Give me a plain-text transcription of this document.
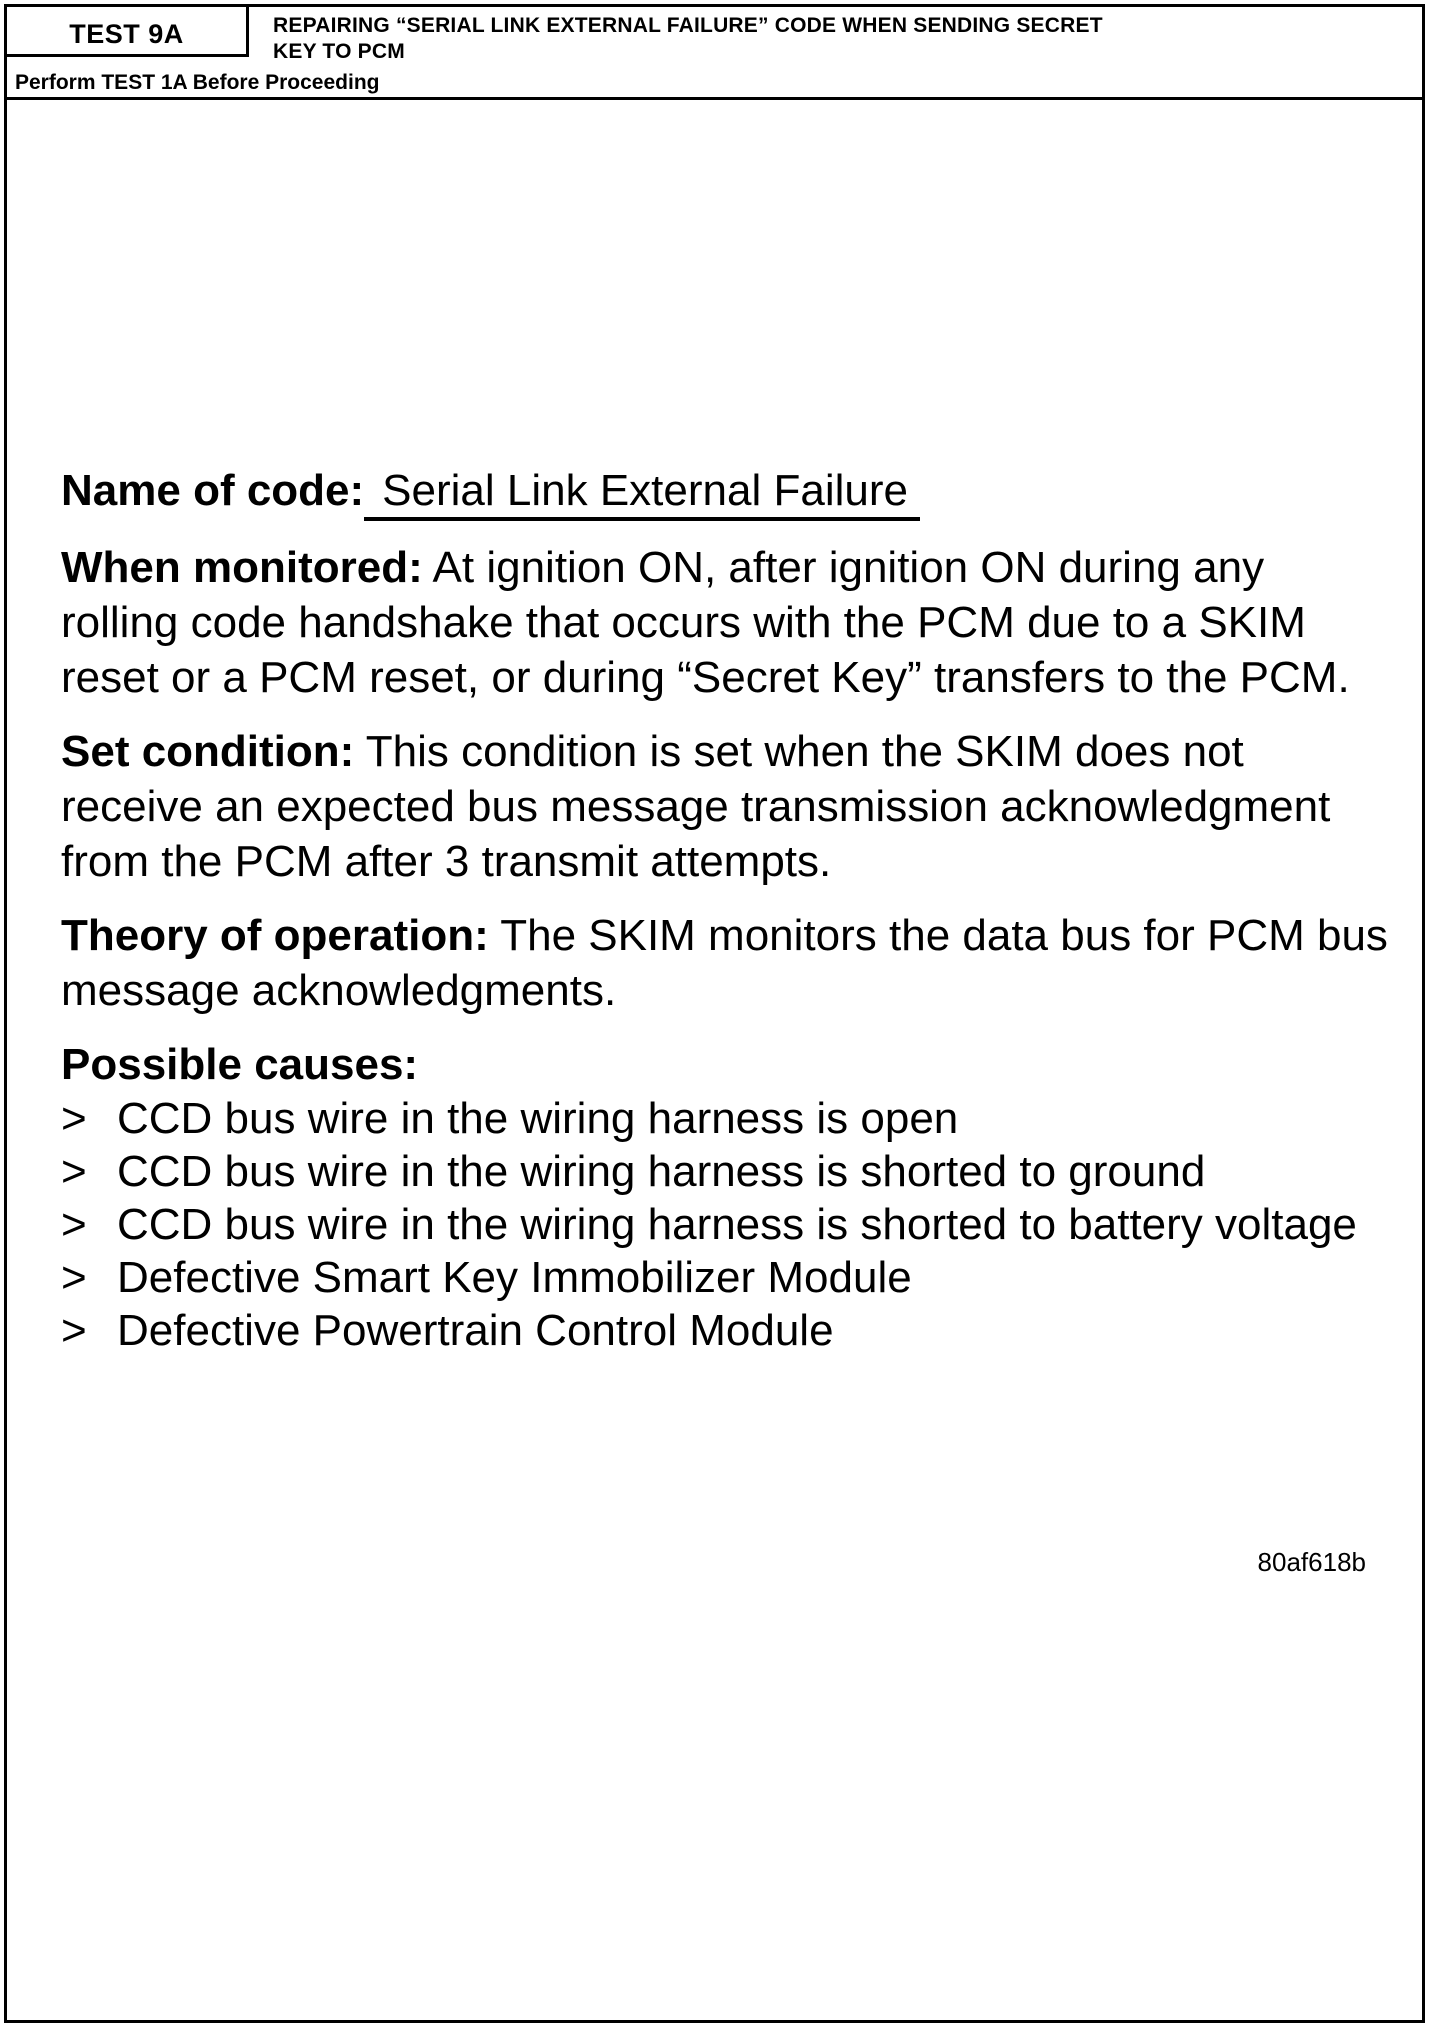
TEST 9A	REPAIRING “SERIAL LINK EXTERNAL FAILURE” CODE WHEN SENDING SECRET
KEY TO PCM
Perform TEST 1A Before Proceeding

Name of code: Serial Link External Failure

When monitored: At ignition ON, after ignition ON during any rolling code handshake that occurs with the PCM due to a SKIM reset or a PCM reset, or during “Secret Key” transfers to the PCM.

Set condition: This condition is set when the SKIM does not receive an expected bus message transmission acknowledgment from the PCM after 3 transmit attempts.

Theory of operation: The SKIM monitors the data bus for PCM bus message acknowledgments.

Possible causes:

> CCD bus wire in the wiring harness is open
> CCD bus wire in the wiring harness is shorted to ground
> CCD bus wire in the wiring harness is shorted to battery voltage
> Defective Smart Key Immobilizer Module
> Defective Powertrain Control Module
80af618b
